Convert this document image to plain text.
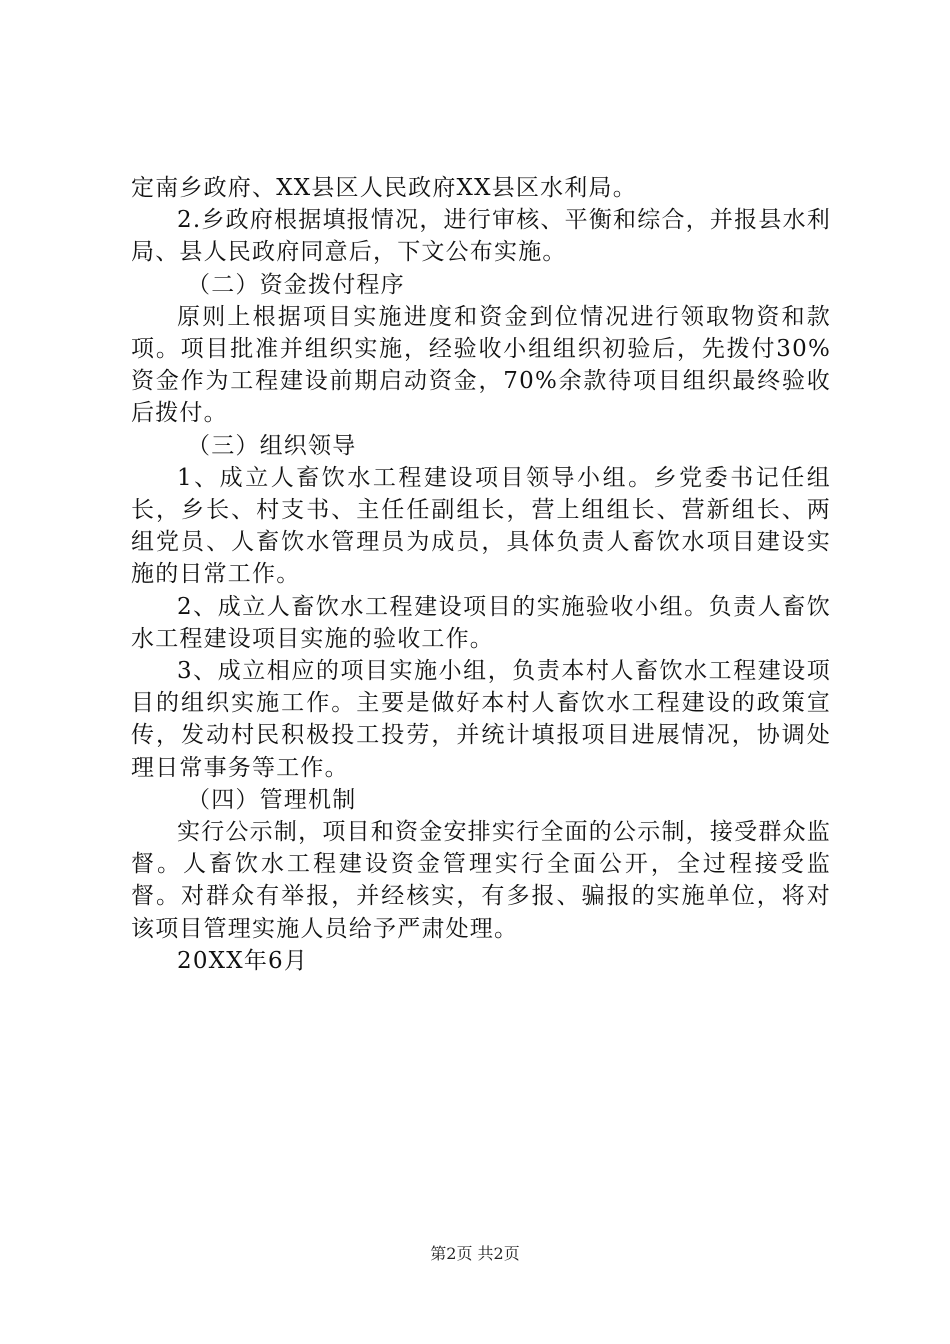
定南乡政府、XX县区人民政府XX县区水利局。

2.乡政府根据填报情况，进行审核、平衡和综合，并报县水利局、县人民政府同意后，下文公布实施。

（二）资金拨付程序

原则上根据项目实施进度和资金到位情况进行领取物资和款项。项目批准并组织实施，经验收小组组织初验后，先拨付30%资金作为工程建设前期启动资金，70%余款待项目组织最终验收后拨付。

（三）组织领导

1、成立人畜饮水工程建设项目领导小组。乡党委书记任组长，乡长、村支书、主任任副组长，营上组组长、营新组长、两组党员、人畜饮水管理员为成员，具体负责人畜饮水项目建设实施的日常工作。

2、成立人畜饮水工程建设项目的实施验收小组。负责人畜饮水工程建设项目实施的验收工作。

3、成立相应的项目实施小组，负责本村人畜饮水工程建设项目的组织实施工作。主要是做好本村人畜饮水工程建设的政策宣传，发动村民积极投工投劳，并统计填报项目进展情况，协调处理日常事务等工作。

（四）管理机制

实行公示制，项目和资金安排实行全面的公示制，接受群众监督。人畜饮水工程建设资金管理实行全面公开，全过程接受监督。对群众有举报，并经核实，有多报、骗报的实施单位，将对该项目管理实施人员给予严肃处理。

20XX年6月

第2页 共2页
